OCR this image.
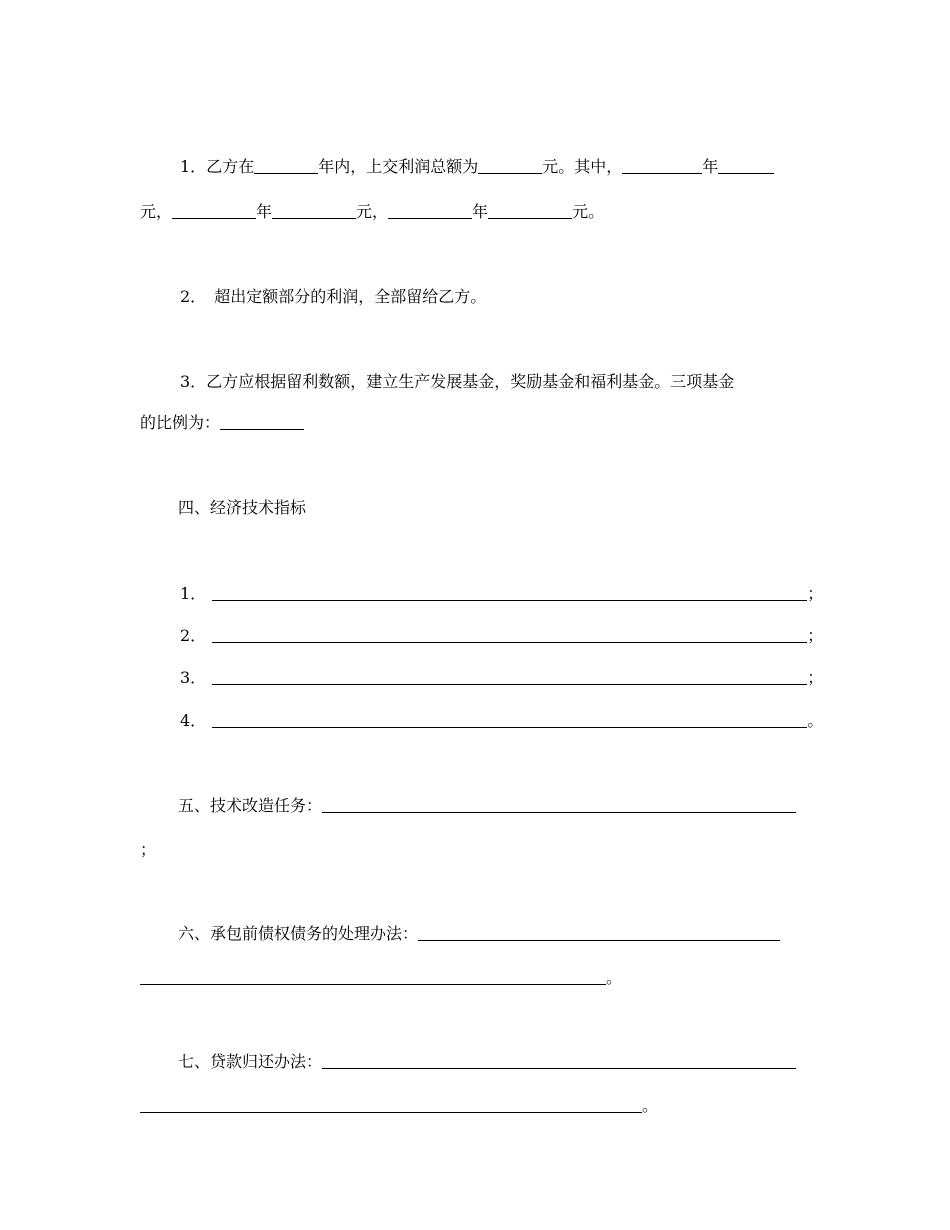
1．乙方在	年内，上交利润总额为	元。其中，	年
元，	年	元，	年	元。
2． 超出定额部分的利润，全部留给乙方。
3．乙方应根据留利数额，建立生产发展基金，奖励基金和福利基金。三项基金
的比例为：
四、经济技术指标
1．	；
2．	；
3．	；
4．	。
五、技术改造任务：
；
六、承包前债权债务的处理办法：
。
七、贷款归还办法：
。
